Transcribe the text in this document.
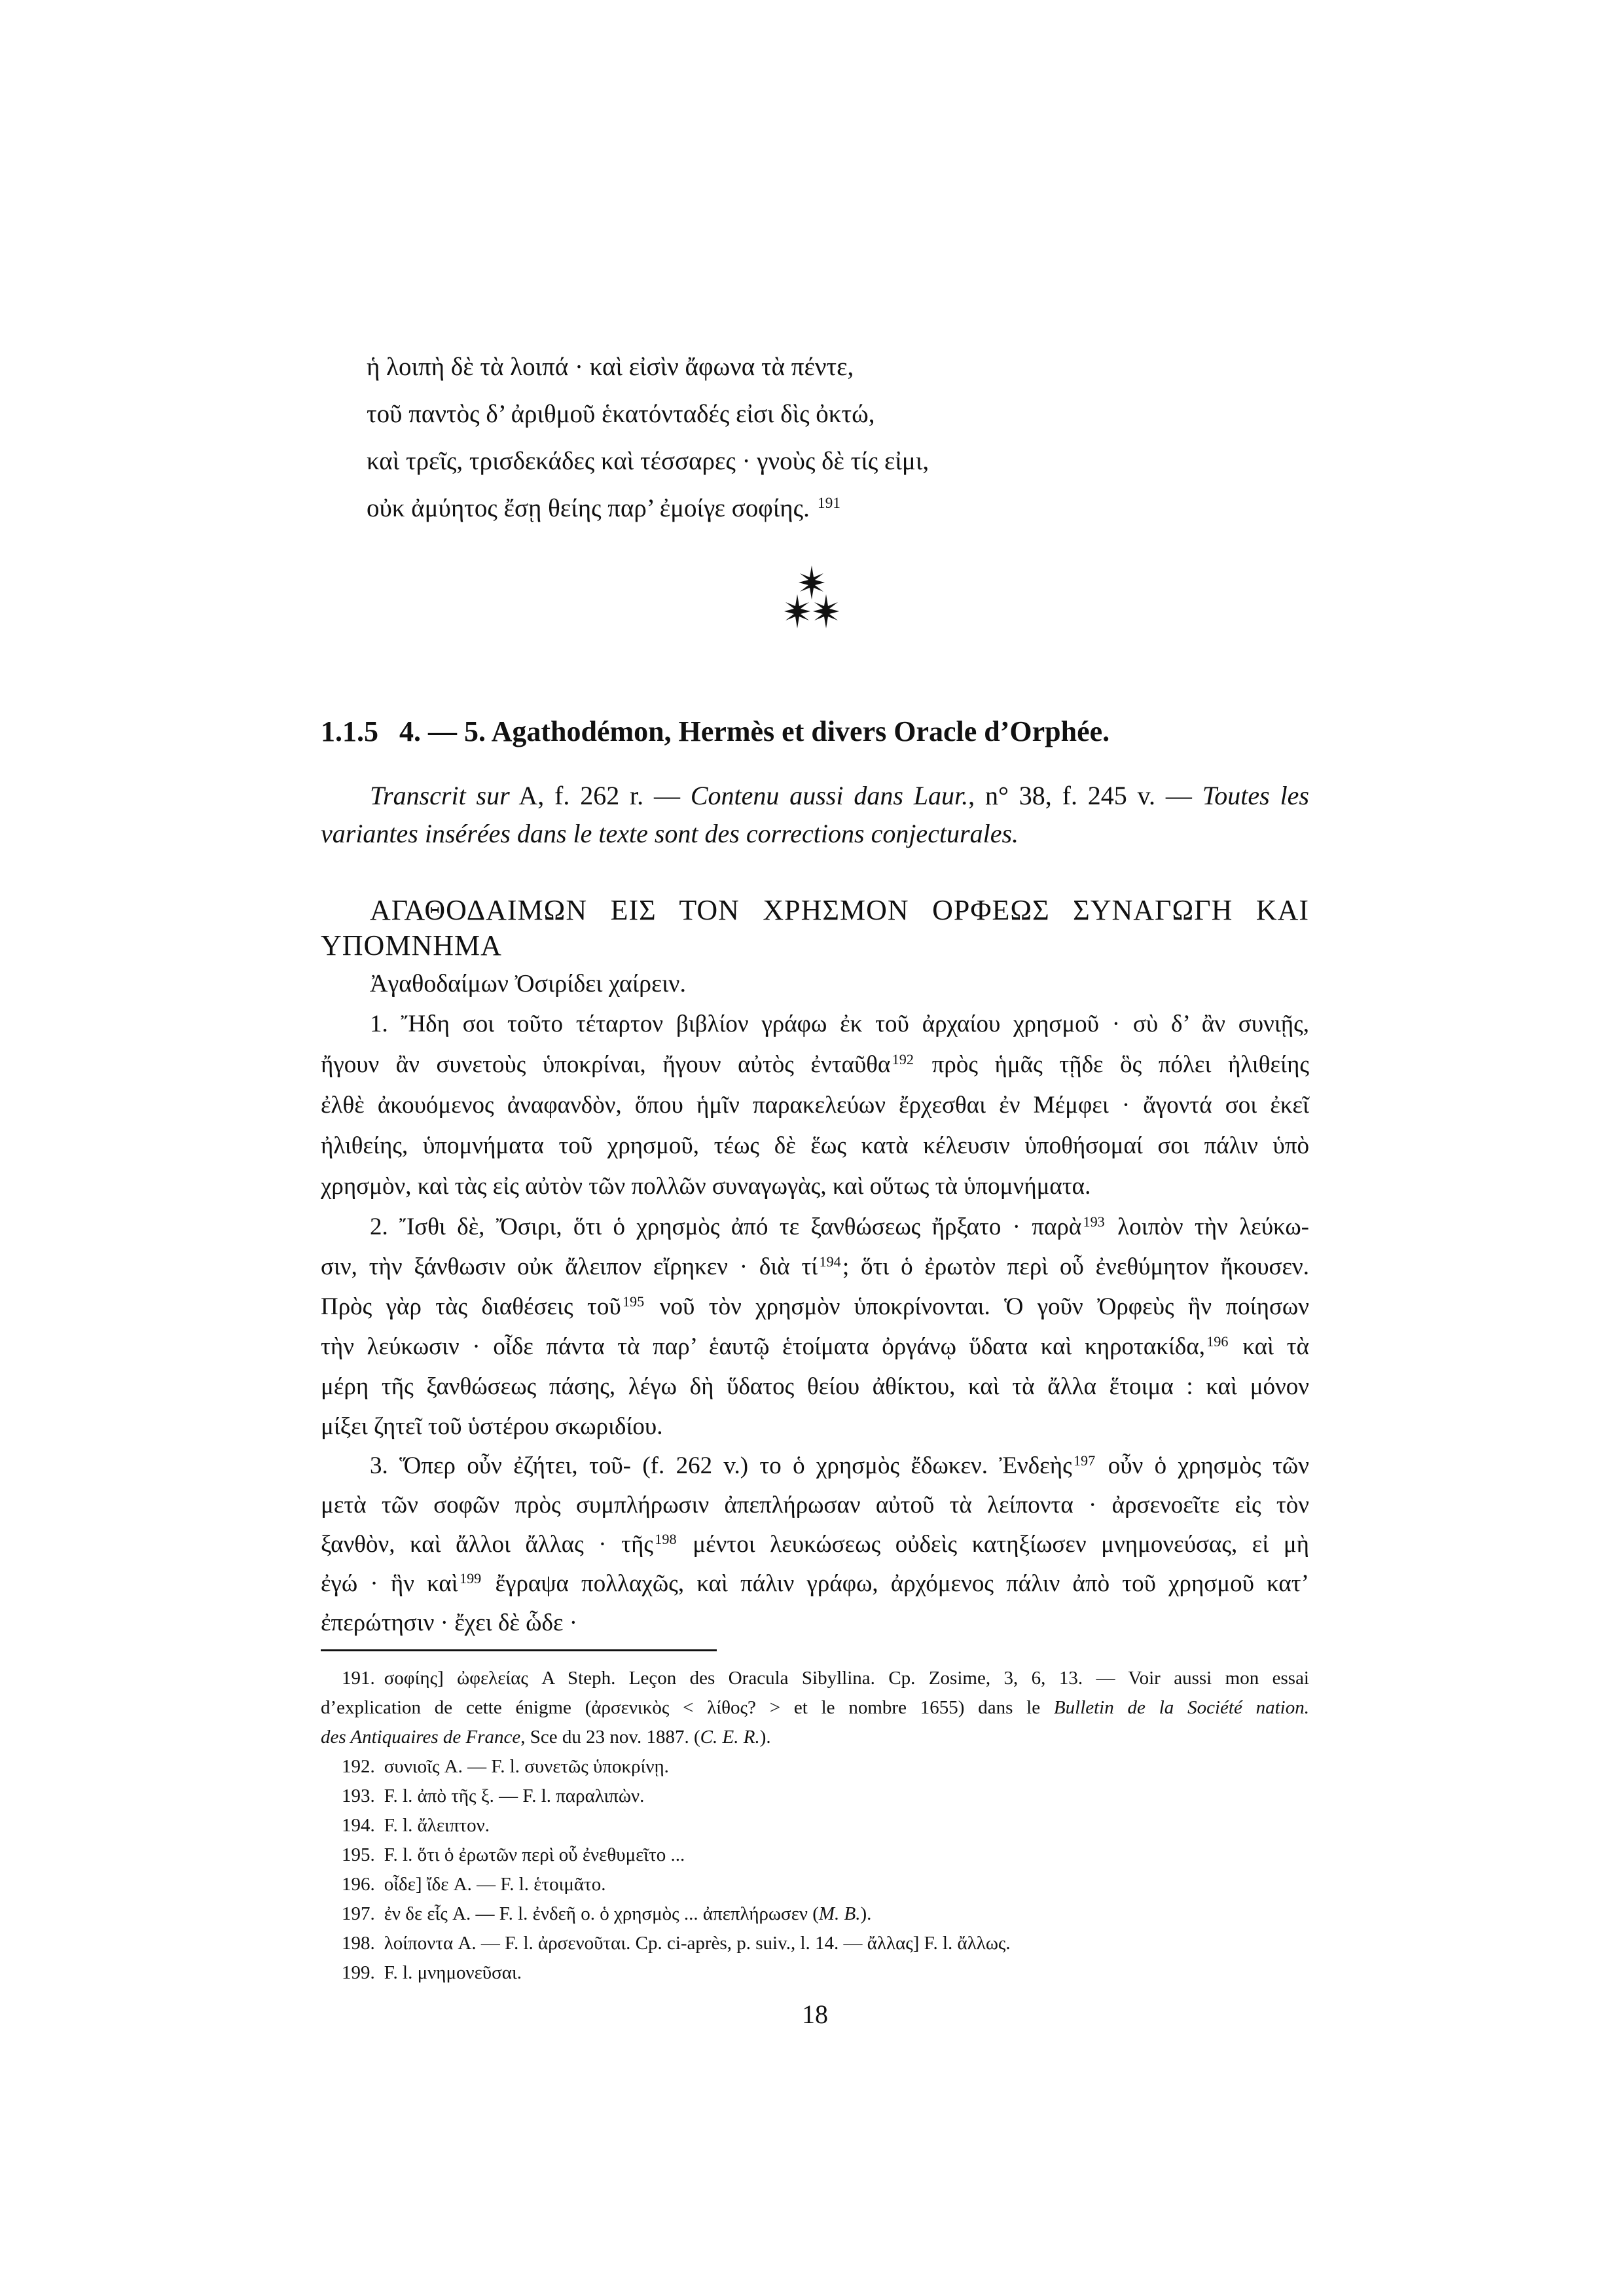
ἡ λοιπὴ δὲ τὰ λοιπά · καὶ εἰσὶν ἄφωνα τὰ πέντε,
τοῦ παντὸς δ’ ἀριθμοῦ ἑκατόνταδές εἰσι δὶς ὀκτώ,
καὶ τρεῖς, τρισδεκάδες καὶ τέσσαρες · γνοὺς δὲ τίς εἰμι,
οὐκ ἀμύητος ἔσῃ θείης παρ’ ἐμοίγε σοφίης. $^{191}$
1.1.5 4. — 5. Agathodémon, Hermès et divers Oracle d’Orphée.
Transcrit sur A, f. 262 r. — Contenu aussi dans Laur., n° 38, f. 245 v. — Toutes les
variantes insérées dans le texte sont des corrections conjecturales.
ΑΓΑΘΟΔΑΙΜΩΝ ΕΙΣ ΤΟΝ ΧΡΗΣΜΟΝ ΟΡΦΕΩΣ ΣΥΝΑΓΩΓΗ ΚΑΙ
ΥΠΟΜΝΗΜΑ
Ἀγαθοδαίμων Ὀσιρίδει χαίρειν.
1. Ἤδη σοι τοῦτο τέταρτον βιβλίον γράφω ἐκ τοῦ ἀρχαίου χρησμοῦ · σὺ δ’ ἂν συνιῇς,
ἤγουν ἂν συνετοὺς ὑποκρίναι, ἤγουν αὐτὸς ἐνταῦθα$^{192}$ πρὸς ἡμᾶς τῇδε ὃς πόλει ἠλιθείης
ἐλθὲ ἀκουόμενος ἀναφανδὸν, ὅπου ἡμῖν παρακελεύων ἔρχεσθαι ἐν Μέμφει · ἄγοντά σοι ἐκεῖ
ἠλιθείης, ὑπομνήματα τοῦ χρησμοῦ, τέως δὲ ἕως κατὰ κέλευσιν ὑποθήσομαί σοι πάλιν ὑπὸ
χρησμὸν, καὶ τὰς εἰς αὐτὸν τῶν πολλῶν συναγωγὰς, καὶ οὕτως τὰ ὑπομνήματα.
2. Ἴσθι δὲ, Ὄσιρι, ὅτι ὁ χρησμὸς ἀπό τε ξανθώσεως ἤρξατο · παρὰ$^{193}$ λοιπὸν τὴν λεύκω-
σιν, τὴν ξάνθωσιν οὐκ ἄλειπον εἴρηκεν · διὰ $\tau ί^{194}$; ὅτι ὁ ἐρωτὸν περὶ οὗ ἐνεθύμητον ἤκουσεν.
Πρὸς γὰρ τὰς διαθέσεις τοῦ$^{195}$ νοῦ τὸν χρησμὸν ὑποκρίνονται. Ὁ γοῦν Ὀρφεὺς ἣν ποίησων
τὴν λεύκωσιν · οἶδε πάντα τὰ παρ’ ἑαυτῷ ἑτοίματα ὀργάνῳ ὕδατα καὶ κηροτακίδα,$^{196}$ καὶ τὰ
μέρη τῆς ξανθώσεως πάσης, λέγω δὴ ὕδατος θείου ἀθίκτου, καὶ τὰ ἄλλα ἕτοιμα : καὶ μόνον
μίξει ζητεῖ τοῦ ὑστέρου σκωριδίου.
3. Ὅπερ οὖν ἐζήτει, τοῦ- (f. 262 v.) το ὁ χρησμὸς ἔδωκεν. Ἐνδεὴς$^{197}$ οὖν ὁ χρησμὸς τῶν
μετὰ τῶν σοφῶν πρὸς συμπλήρωσιν ἀπεπλήρωσαν αὐτοῦ τὰ λείποντα · ἀρσενοεῖτε εἰς τὸν
ξανθὸν, καὶ ἄλλοι ἄλλας · τῆς$^{198}$ μέντοι λευκώσεως οὐδεὶς κατηξίωσεν μνημονεύσας, εἰ μὴ
ἐγώ · ἣν καὶ$^{199}$ ἔγραψα πολλαχῶς, καὶ πάλιν γράφω, ἀρχόμενος πάλιν ἀπὸ τοῦ χρησμοῦ κατ’
ἐπερώτησιν · ἔχει δὲ ὧδε ·
191. σοφίης] ὠφελείας A Steph. Leçon des Oracula Sibyllina. Cp. Zosime, 3, 6, 13. — Voir aussi mon essai
d’explication de cette énigme (ἀρσενικὸς < λίθος? > et le nombre 1655) dans le Bulletin de la Société nation.
des Antiquaires de France, Sce du 23 nov. 1887. (C. E. R.).
192. συνιοῖς A. — F. l. συνετῶς ὑποκρίνῃ.
193. F. l. ἀπὸ τῆς ξ. — F. l. παραλιπὼν.
194. F. l. ἄλειπτον.
195. F. l. ὅτι ὁ ἐρωτῶν περὶ οὗ ἐνεθυμεῖτο ...
196. οἶδε] ἴδε A. — F. l. ἑτοιμᾶτο.
197. ἐν δε εἷς A. — F. l. ἐνδεῆ ο. ὁ χρησμὸς ... ἀπεπλήρωσεν (M. B.).
198. λοίποντα A. — F. l. ἀρσενοῦται. Cp. ci-après, p. suiv., l. 14. — ἄλλας] F. l. ἄλλως.
199. F. l. μνημονεῦσαι.
18
